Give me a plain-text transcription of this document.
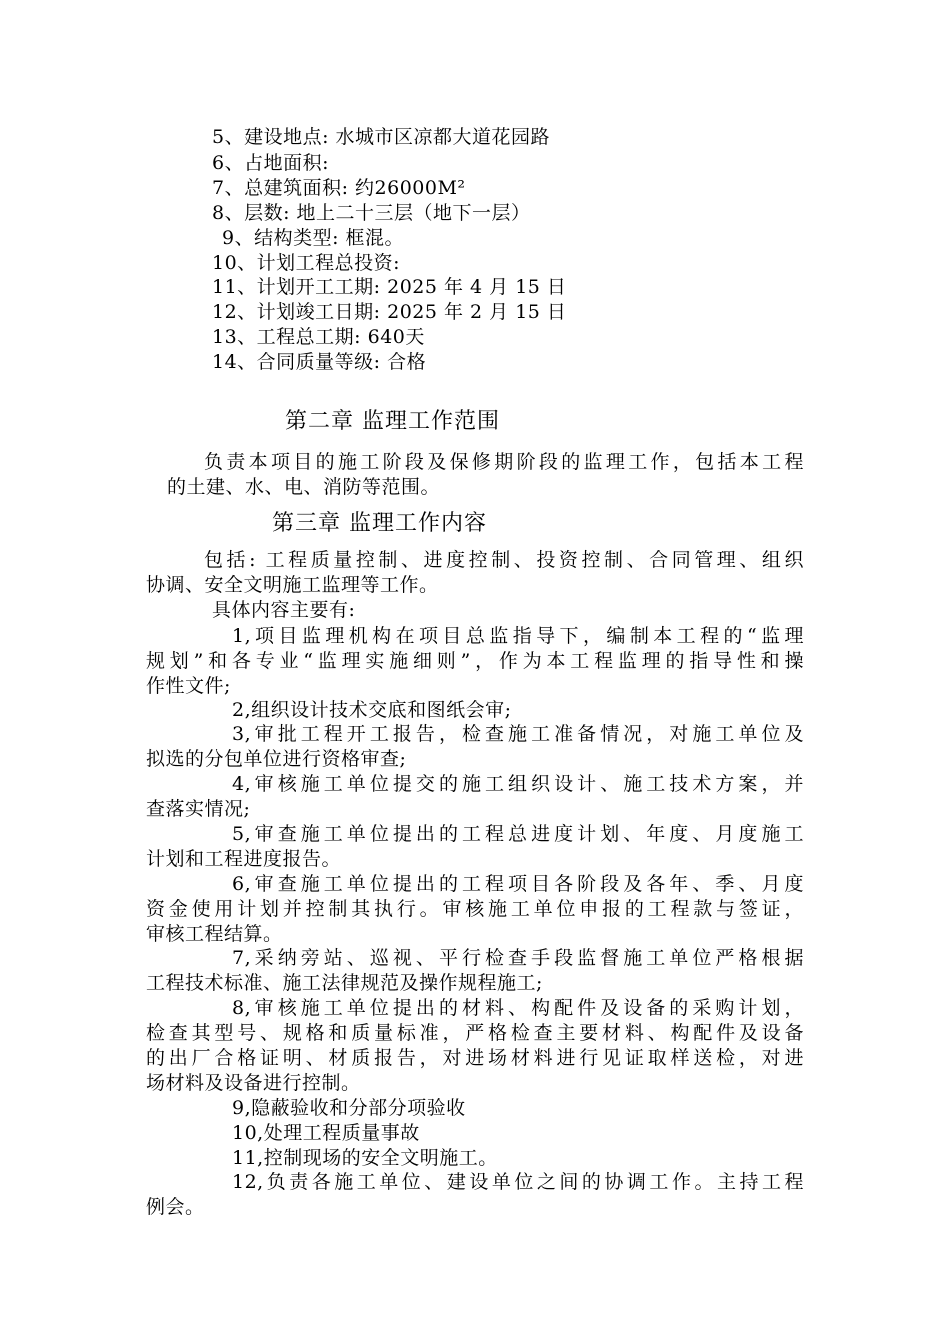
5、建设地点: 水城市区凉都大道花园路
6、占地面积:
7、总建筑面积: 约26000M²
8、层数: 地上二十三层（地下一层）
9、结构类型: 框混。
10、计划工程总投资:
11、计划开工工期: 2025 年 4 月 15 日
12、计划竣工日期: 2025 年 2 月 15 日
13、工程总工期: 640天
14、合同质量等级: 合格
第二章 监理工作范围
负责本项目的施工阶段及保修期阶段的监理工作，包括本工程
的土建、水、电、消防等范围。
第三章 监理工作内容
包括: 工程质量控制、进度控制、投资控制、合同管理、组织
协调、安全文明施工监理等工作。
具体内容主要有:
1,项目监理机构在项目总监指导下，编制本工程的“监理
规划”和各专业“监理实施细则”，作为本工程监理的指导性和操
作性文件;
2,组织设计技术交底和图纸会审;
3,审批工程开工报告，检查施工准备情况，对施工单位及
拟选的分包单位进行资格审查;
4,审核施工单位提交的施工组织设计、施工技术方案，并
查落实情况;
5,审查施工单位提出的工程总进度计划、年度、月度施工
计划和工程进度报告。
6,审查施工单位提出的工程项目各阶段及各年、季、月度
资金使用计划并控制其执行。审核施工单位申报的工程款与签证，
审核工程结算。
7,采纳旁站、巡视、平行检查手段监督施工单位严格根据
工程技术标准、施工法律规范及操作规程施工;
8,审核施工单位提出的材料、构配件及设备的采购计划，
检查其型号、规格和质量标准，严格检查主要材料、构配件及设备
的出厂合格证明、材质报告，对进场材料进行见证取样送检，对进
场材料及设备进行控制。
9,隐蔽验收和分部分项验收
10,处理工程质量事故
11,控制现场的安全文明施工。
12,负责各施工单位、建设单位之间的协调工作。主持工程
例会。
